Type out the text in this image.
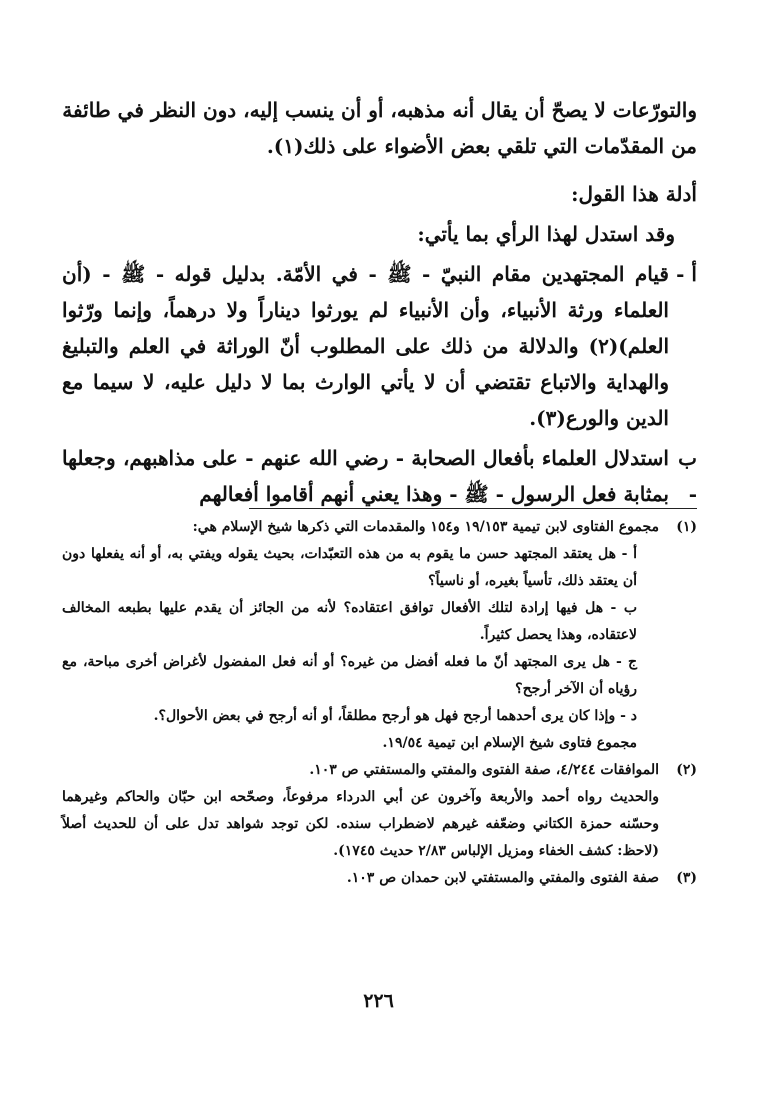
والتورّعات لا يصحّ أن يقال أنه مذهبه، أو أن ينسب إليه، دون النظر في طائفة من المقدّمات التي تلقي بعض الأضواء على ذلك(١).

أدلة هذا القول:

وقد استدل لهذا الرأي بما يأتي:

أ -
قيام المجتهدين مقام النبيّ - ﷺ - في الأمّة. بدليل قوله - ﷺ - (أن العلماء ورثة الأنبياء، وأن الأنبياء لم يورثوا ديناراً ولا درهماً، وإنما ورّثوا العلم)(٢) والدلالة من ذلك على المطلوب أنّ الوراثة في العلم والتبليغ والهداية والاتباع تقتضي أن لا يأتي الوارث بما لا دليل عليه، لا سيما مع الدين والورع(٣).
ب -
استدلال العلماء بأفعال الصحابة - رضي الله عنهم - على مذاهبهم، وجعلها بمثابة فعل الرسول - ﷺ - وهذا يعني أنهم أقاموا أفعالهم
(١)

مجموع الفتاوى لابن تيمية ١٩/١٥٣ و١٥٤ والمقدمات التي ذكرها شيخ الإسلام هي:

أ - هل يعتقد المجتهد حسن ما يقوم به من هذه التعبّدات، بحيث يقوله ويفتي به، أو أنه يفعلها دون أن يعتقد ذلك، تأسياً بغيره، أو ناسياً؟

ب - هل فيها إرادة لتلك الأفعال توافق اعتقاده؟ لأنه من الجائز أن يقدم عليها بطبعه المخالف لاعتقاده، وهذا يحصل كثيراً.

ج - هل يرى المجتهد أنّ ما فعله أفضل من غيره؟ أو أنه فعل المفضول لأغراض أخرى مباحة، مع رؤياه أن الآخر أرجح؟

د - وإذا كان يرى أحدهما أرجح فهل هو أرجح مطلقاً، أو أنه أرجح في بعض الأحوال؟.

مجموع فتاوى شيخ الإسلام ابن تيمية ١٩/٥٤.

(٢)

الموافقات ٤/٢٤٤، صفة الفتوى والمفتي والمستفتي ص ١٠٣.

والحديث رواه أحمد والأربعة وآخرون عن أبي الدرداء مرفوعاً، وصحّحه ابن حبّان والحاكم وغيرهما وحسّنه حمزة الكتاني وضعّفه غيرهم لاضطراب سنده. لكن توجد شواهد تدل على أن للحديث أصلاً (لاحظ: كشف الخفاء ومزيل الإلباس ٢/٨٣ حديث ١٧٤٥).

(٣)

صفة الفتوى والمفتي والمستفتي لابن حمدان ص ١٠٣.

٢٢٦
